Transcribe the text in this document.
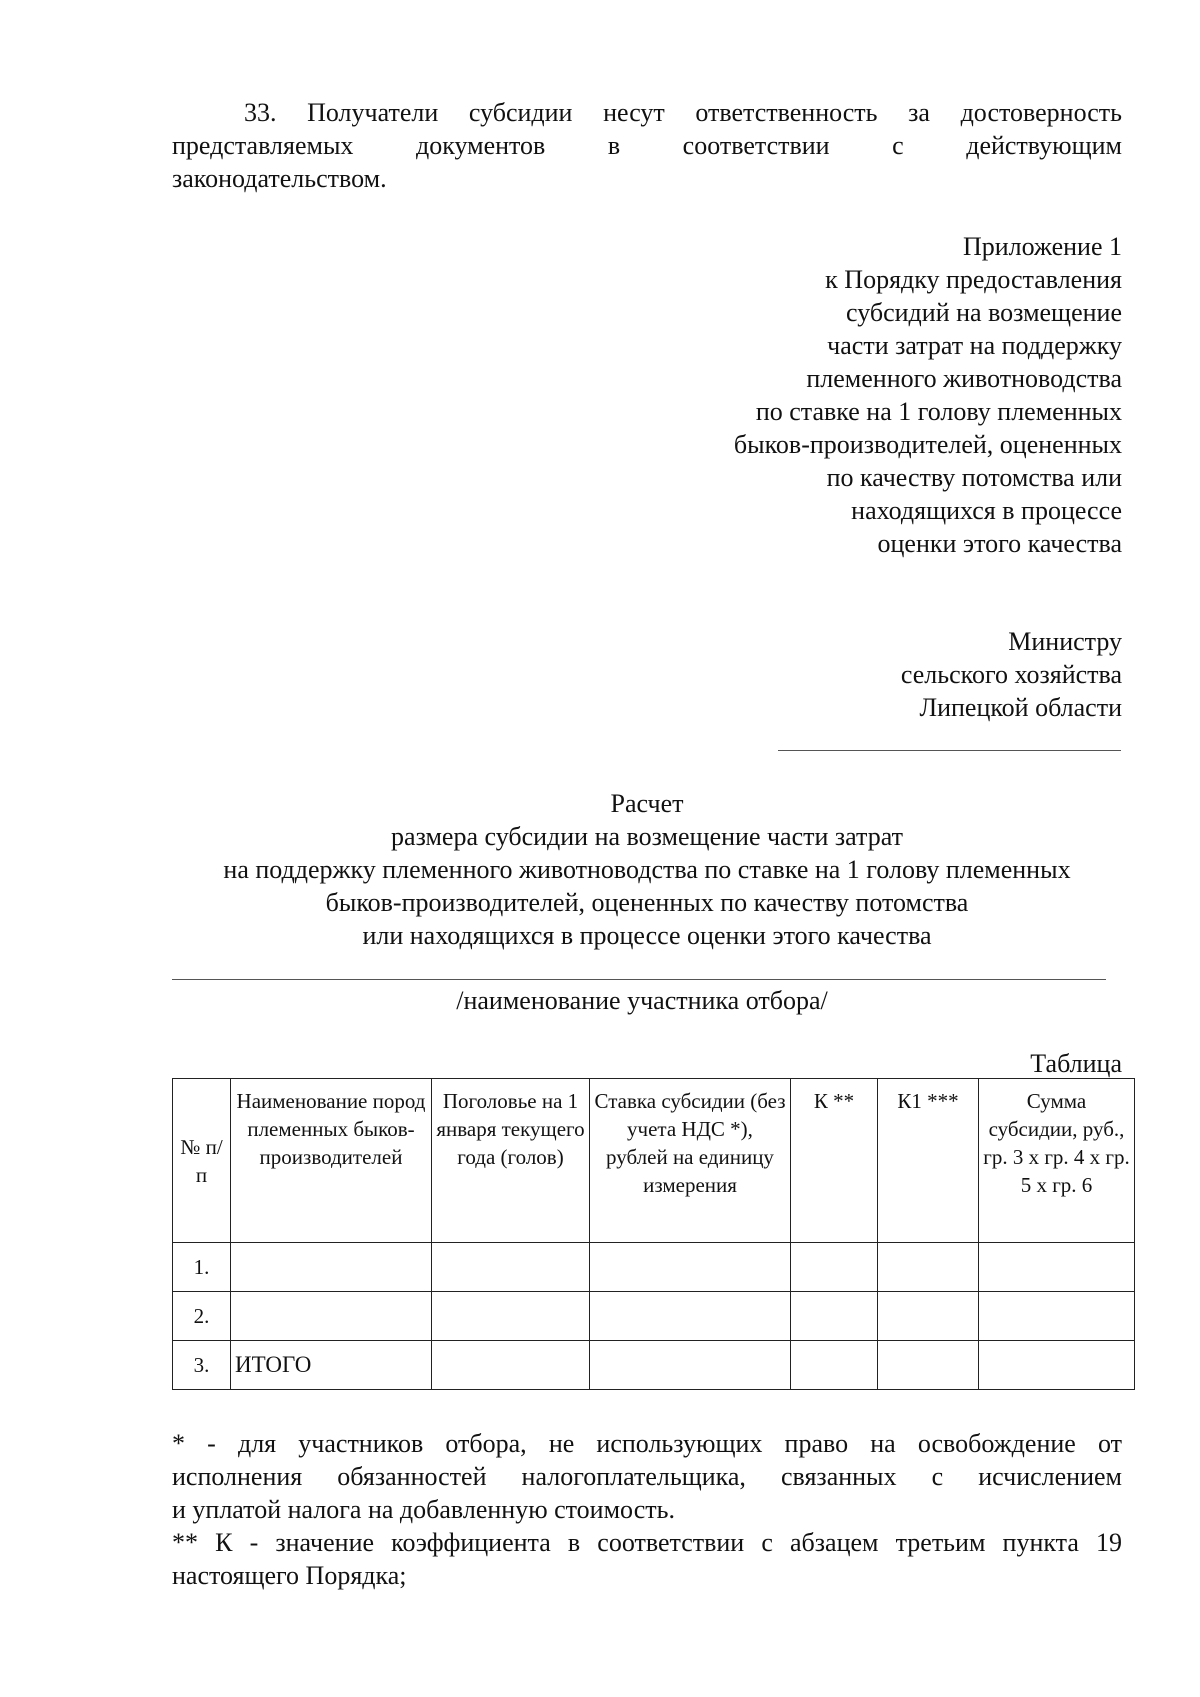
33. Получатели субсидии несут ответственность за достоверность
представляемых документов в соответствии с действующим
законодательством.
Приложение 1
к Порядку предоставления
субсидий на возмещение
части затрат на поддержку
племенного животноводства
по ставке на 1 голову племенных
быков-производителей, оцененных
по качеству потомства или
находящихся в процессе
оценки этого качества
Министру
сельского хозяйства
Липецкой области
Расчет
размера субсидии на возмещение части затрат
на поддержку племенного животноводства по ставке на 1 голову племенных
быков-производителей, оцененных по качеству потомства
или находящихся в процессе оценки этого качества
/наименование участника отбора/
Таблица
№ п/п	Наименование пород племенных быков-производителей	Поголовье на 1 января текущего года (голов)	Ставка субсидии (без учета НДС *), рублей на единицу измерения	К **	К1 ***	Сумма субсидии, руб., гр. 3 x гр. 4 x гр. 5 x гр. 6
1.						
2.						
3.	ИТОГО					
* - для участников отбора, не использующих право на освобождение от
исполнения обязанностей налогоплательщика, связанных с исчислением
и уплатой налога на добавленную стоимость.
** К - значение коэффициента в соответствии с абзацем третьим пункта 19
настоящего Порядка;
